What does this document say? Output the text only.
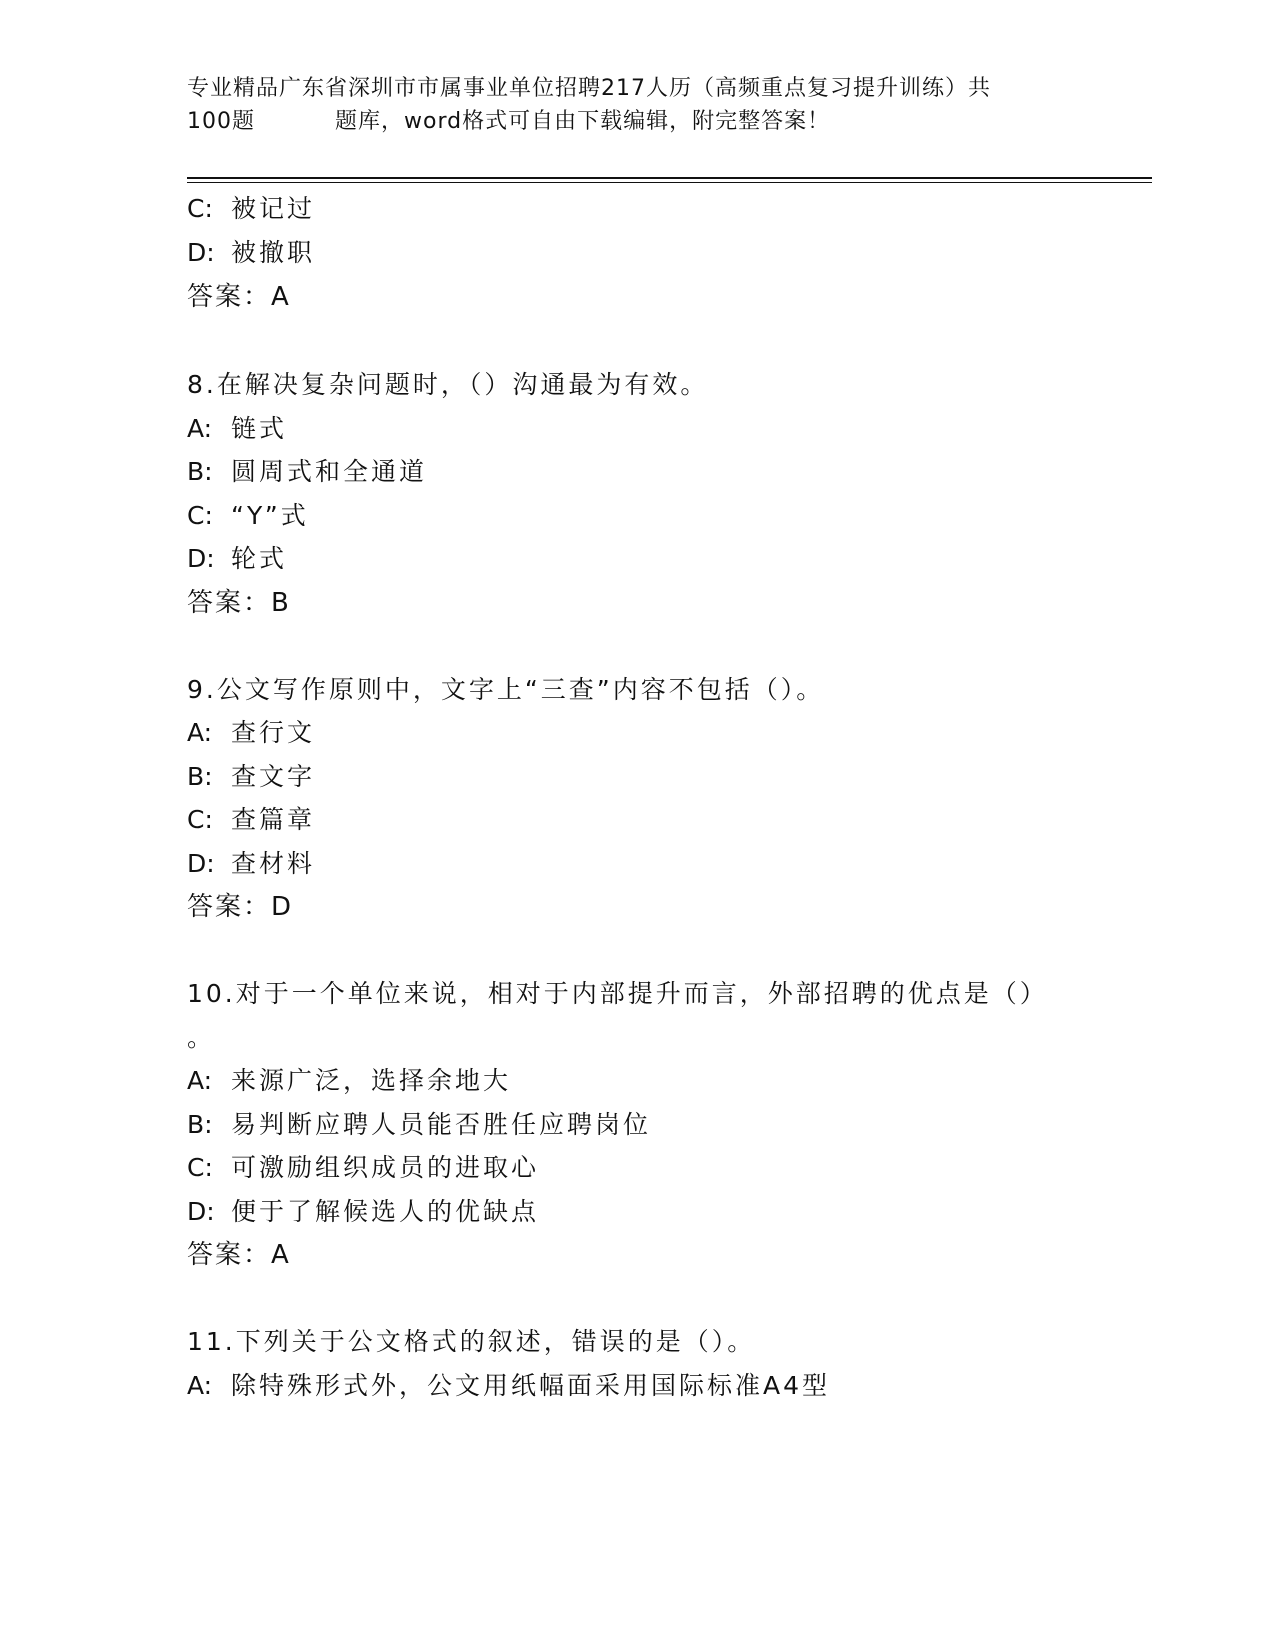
专业精品广东省深圳市市属事业单位招聘217人历（高频重点复习提升训练）共
100题	题库，word格式可自由下载编辑，附完整答案！
C: 被记过
D: 被撤职
答案：A
8.在解决复杂问题时，（）沟通最为有效。
A: 链式
B: 圆周式和全通道
C: “Y”式
D: 轮式
答案：B
9.公文写作原则中，文字上“三查”内容不包括（）。
A: 查行文
B: 查文字
C: 查篇章
D: 查材料
答案：D
10.对于一个单位来说，相对于内部提升而言，外部招聘的优点是（）
。
A: 来源广泛，选择余地大
B: 易判断应聘人员能否胜任应聘岗位
C: 可激励组织成员的进取心
D: 便于了解候选人的优缺点
答案：A
11.下列关于公文格式的叙述，错误的是（）。
A: 除特殊形式外，公文用纸幅面采用国际标准A4型
